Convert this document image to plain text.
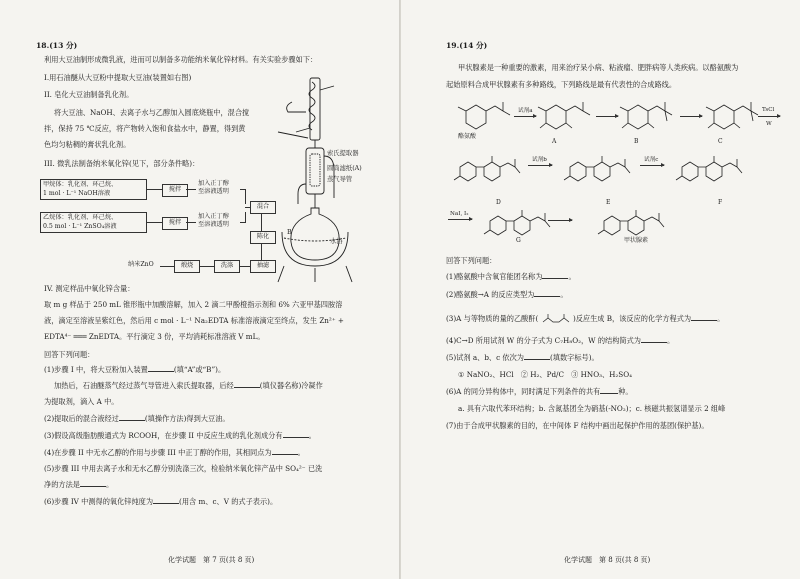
18.(13 分)
利用大豆油制形成微乳液，进而可以制备多功能纳米氧化锌材料。有关实验步骤如下：
I.用石油醚从大豆粉中提取大豆油(装置如右图)
II. 皂化大豆油制备乳化剂。
将大豆油、NaOH、去离子水与乙醇加入圆底烧瓶中，混合搅
拌，保持 75 ℃反应，将产物转入饱和食盐水中，静置，得到黄
色均匀粘稠的膏状乳化剂。
III. 微乳法制备纳米氧化锌(见下，部分条件略)：
甲烷体：乳化剂、环己烷、
1 mol · L⁻¹ NaOH溶液
搅拌
加入正丁醇
至溶液透明
乙烷体：乳化剂、环己烷、
0.5 mol · L⁻¹ ZnSO₄溶液
搅拌
加入正丁醇
至溶液透明
混合
陈化
抽滤
洗涤
煅烧
纳米ZnO
索氏提取器
圆筒滤纸(A)
蒸气导管
水浴
B
IV. 测定样品中氧化锌含量：
取 m g 样品于 250 mL 锥形瓶中加酸溶解，加入 2 滴二甲酚橙指示剂和 6% 六亚甲基四胺溶
液，滴定至溶液呈紫红色，然后用 c mol · L⁻¹ Na₂EDTA 标准溶液滴定至终点，发生 Zn²⁺ +
EDTA⁴⁻ ═══ ZnEDTA。平行滴定 3 份，平均消耗标准溶液 V mL。
回答下列问题：
(1)步骤 I 中，将大豆粉加入装置	(填“A”或“B”)。
加热后，石油醚蒸气经过蒸气导管进入索氏提取器，后经	(填仪器名称)冷凝作
为提取剂，滴入 A 中。
(2)提取后的混合液经过	(填操作方法)得到大豆油。
(3)假设高级脂肪酸通式为 RCOOH，在步骤 II 中反应生成的乳化剂成分有	。
(4)在步骤 II 中无水乙醇的作用与步骤 III 中正丁醇的作用，其相同点为	。
(5)步骤 III 中用去离子水和无水乙醇分别洗涤三次，检验纳米氧化锌产品中 SO₄²⁻ 已洗
净的方法是	。
(6)步骤 IV 中测得的氧化锌纯度为	(用含 m、c、V 的式子表示)。
化学试题　第 7 页(共 8 页)
19.(14 分)
甲状腺素是一种重要的激素，用来治疗呆小病、粘液瘤、肥胖病等人类疾病。以酪氨酸为
起始原料合成甲状腺素有多种路线，下列路线是最有代表性的合成路线。
酪氨酸
A	B	C
试剂a	TsCl
W
D	E	F
试剂b	试剂c
NaI, I₂
G	甲状腺素
回答下列问题：
(1)酪氨酸中含氧官能团名称为	。
(2)酪氨酸→A 的反应类型为	。
(3)A 与等物质的量的乙酸酐(	)反应生成 B，该反应的化学方程式为	。
(4)C→D 所用试剂 W 的分子式为 C₇H₈O₂，W 的结构简式为	。
(5)试剂 a、b、c 依次为	(填数字标号)。
① NaNO₂、HCl　② H₂、Pd/C　③ HNO₃、H₂SO₄
(6)A 的同分异构体中，同时满足下列条件的共有	种。
a. 具有六取代苯环结构；b. 含氮基团全为硝基(-NO₂)；c. 核磁共振氢谱显示 2 组峰
(7)由于合成甲状腺素的目的，在中间体 F 结构中画出起保护作用的基团(保护基)。
化学试题　第 8 页(共 8 页)
